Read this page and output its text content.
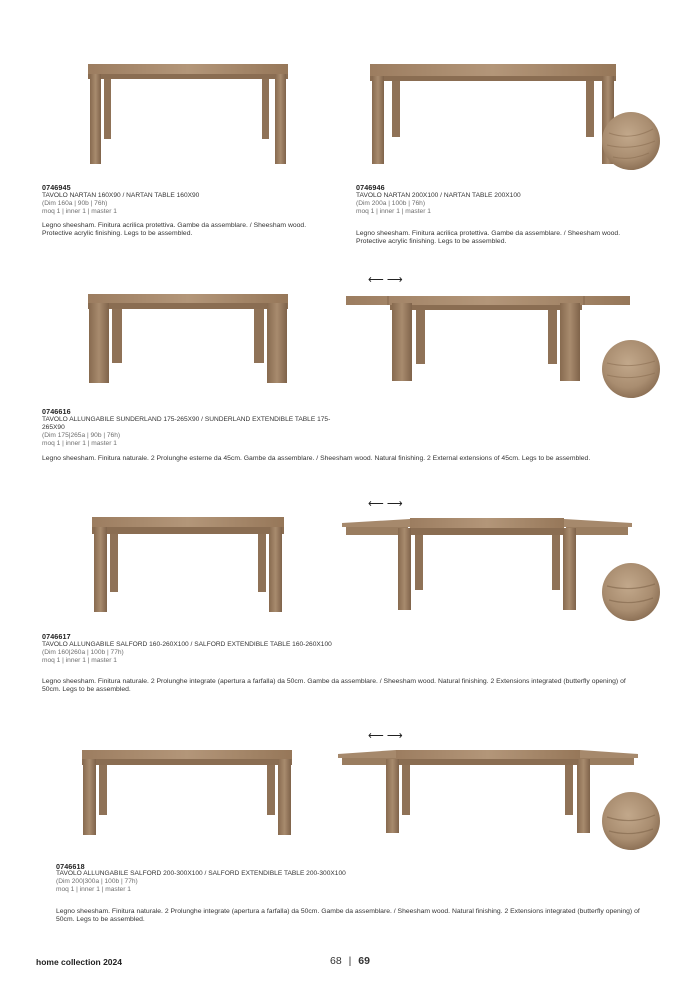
0746945
TAVOLO NARTAN 160X90 / NARTAN TABLE 160X90
(Dim 160a | 90b | 76h)
moq 1 | inner 1 | master 1
Legno sheesham. Finitura acrilica protettiva. Gambe da assemblare. / Sheesham wood. Protective acrylic finishing. Legs to be assembled.
0746946
TAVOLO NARTAN 200X100 / NARTAN TABLE 200X100
(Dim 200a | 100b | 76h)
moq 1 | inner 1 | master 1
Legno sheesham. Finitura acrilica protettiva. Gambe da assemblare. / Sheesham wood. Protective acrylic finishing. Legs to be assembled.
⟵ ⟶
0746616
TAVOLO ALLUNGABILE SUNDERLAND 175-265X90 / SUNDERLAND EXTENDIBLE TABLE 175-265X90
(Dim 175|265a | 90b | 76h)
moq 1 | inner 1 | master 1
Legno sheesham. Finitura naturale. 2 Prolunghe esterne da 45cm. Gambe da assemblare. / Sheesham wood. Natural finishing. 2 External extensions of 45cm. Legs to be assembled.
⟵ ⟶
0746617
TAVOLO ALLUNGABILE SALFORD 160-260X100 / SALFORD EXTENDIBLE TABLE 160-260X100
(Dim 160|260a | 100b | 77h)
moq 1 | inner 1 | master 1
Legno sheesham. Finitura naturale. 2 Prolunghe integrate (apertura a farfalla) da 50cm. Gambe da assemblare. / Sheesham wood. Natural finishing. 2 Extensions integrated (butterfly opening) of 50cm. Legs to be assembled.
⟵ ⟶
0746618
TAVOLO ALLUNGABILE SALFORD 200-300X100 / SALFORD EXTENDIBLE TABLE 200-300X100
(Dim 200|300a | 100b | 77h)
moq 1 | inner 1 | master 1
Legno sheesham. Finitura naturale. 2 Prolunghe integrate (apertura a farfalla) da 50cm. Gambe da assemblare. / Sheesham wood. Natural finishing. 2 Extensions integrated (butterfly opening) of 50cm. Legs to be assembled.
home collection 2024	68 | 69
